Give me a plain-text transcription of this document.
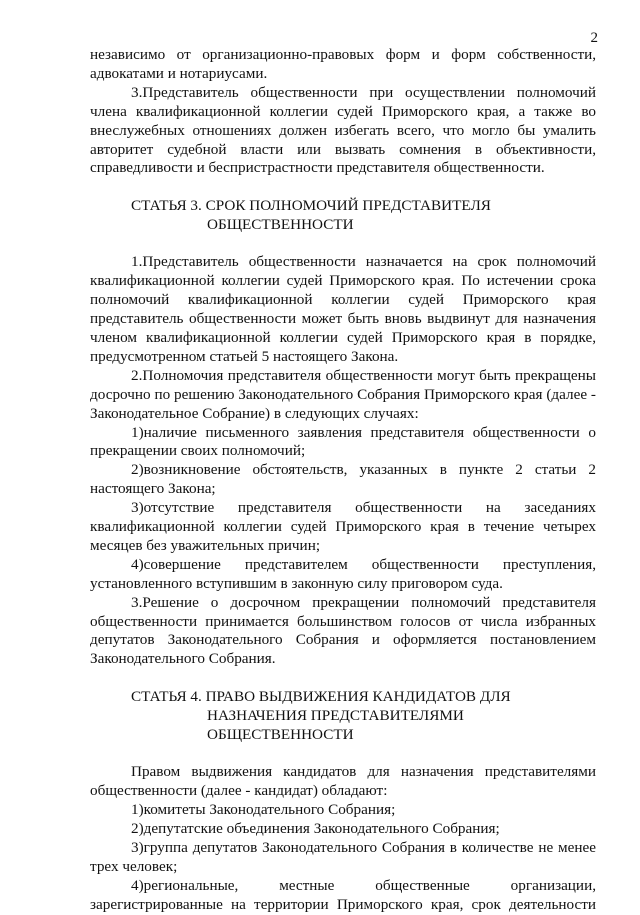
2

независимо от организационно-правовых форм и форм собственности, адвокатами и нотариусами.

3.Представитель общественности при осуществлении полномочий члена квалификационной коллегии судей Приморского края, а также во внеслужебных отношениях должен избегать всего, что могло бы умалить авторитет судебной власти или вызвать сомнения в объективности, справедливости и беспристрастности представителя общественности.

СТАТЬЯ 3. СРОК ПОЛНОМОЧИЙ ПРЕДСТАВИТЕЛЯ
ОБЩЕСТВЕННОСТИ

1.Представитель общественности назначается на срок полномочий квалификационной коллегии судей Приморского края. По истечении срока полномочий квалификационной коллегии судей Приморского края представитель общественности может быть вновь выдвинут для назначения членом квалификационной коллегии судей Приморского края в порядке, предусмотренном статьей 5 настоящего Закона.

2.Полномочия представителя общественности могут быть прекращены досрочно по решению Законодательного Собрания Приморского края (далее - Законодательное Собрание) в следующих случаях:

1)наличие письменного заявления представителя общественности о прекращении своих полномочий;

2)возникновение обстоятельств, указанных в пункте 2 статьи 2 настоящего Закона;

3)отсутствие представителя общественности на заседаниях квалификационной коллегии судей Приморского края в течение четырех месяцев без уважительных причин;

4)совершение представителем общественности преступления, установленного вступившим в законную силу приговором суда.

3.Решение о досрочном прекращении полномочий представителя общественности принимается большинством голосов от числа избранных депутатов Законодательного Собрания и оформляется постановлением Законодательного Собрания.

СТАТЬЯ 4. ПРАВО ВЫДВИЖЕНИЯ КАНДИДАТОВ ДЛЯ
НАЗНАЧЕНИЯ ПРЕДСТАВИТЕЛЯМИ
ОБЩЕСТВЕННОСТИ

Правом выдвижения кандидатов для назначения представителями общественности (далее - кандидат) обладают:

1)комитеты Законодательного Собрания;

2)депутатские объединения Законодательного Собрания;

3)группа депутатов Законодательного Собрания в количестве не менее трех человек;

4)региональные, местные общественные организации, зарегистрированные на территории Приморского края, срок деятельности
